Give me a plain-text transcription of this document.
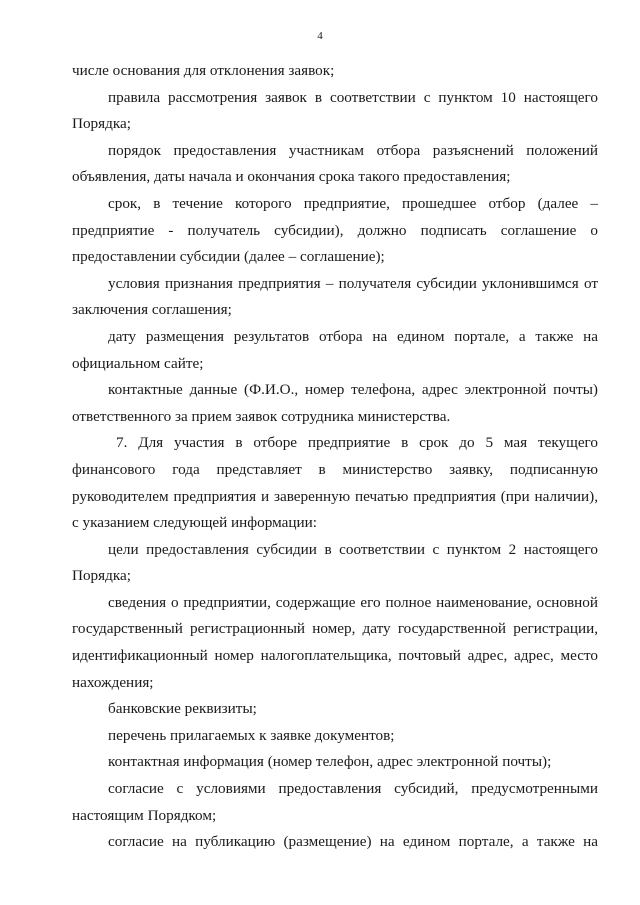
4

числе основания для отклонения заявок;

правила рассмотрения заявок в соответствии с пунктом 10 настоящего Порядка;

порядок предоставления участникам отбора разъяснений положений объявления, даты начала и окончания срока такого предоставления;

срок, в течение которого предприятие, прошедшее отбор (далее – предприятие - получатель субсидии), должно подписать соглашение о предоставлении субсидии (далее – соглашение);

условия признания предприятия – получателя субсидии уклонившимся от заключения соглашения;

дату размещения результатов отбора на едином портале, а также на официальном сайте;

контактные данные (Ф.И.О., номер телефона, адрес электронной почты) ответственного за прием заявок сотрудника министерства.

7. Для участия в отборе предприятие в срок до 5 мая текущего финансового года представляет в министерство заявку, подписанную руководителем предприятия и заверенную печатью предприятия (при наличии), с указанием следующей информации:

цели предоставления субсидии в соответствии с пунктом 2 настоящего Порядка;

сведения о предприятии, содержащие его полное наименование, основной государственный регистрационный номер, дату государственной регистрации, идентификационный номер налогоплательщика, почтовый адрес, адрес, место нахождения;

банковские реквизиты;

перечень прилагаемых к заявке документов;

контактная информация (номер телефон, адрес электронной почты);

согласие с условиями предоставления субсидий, предусмотренными настоящим Порядком;

согласие на публикацию (размещение) на едином портале, а также на
